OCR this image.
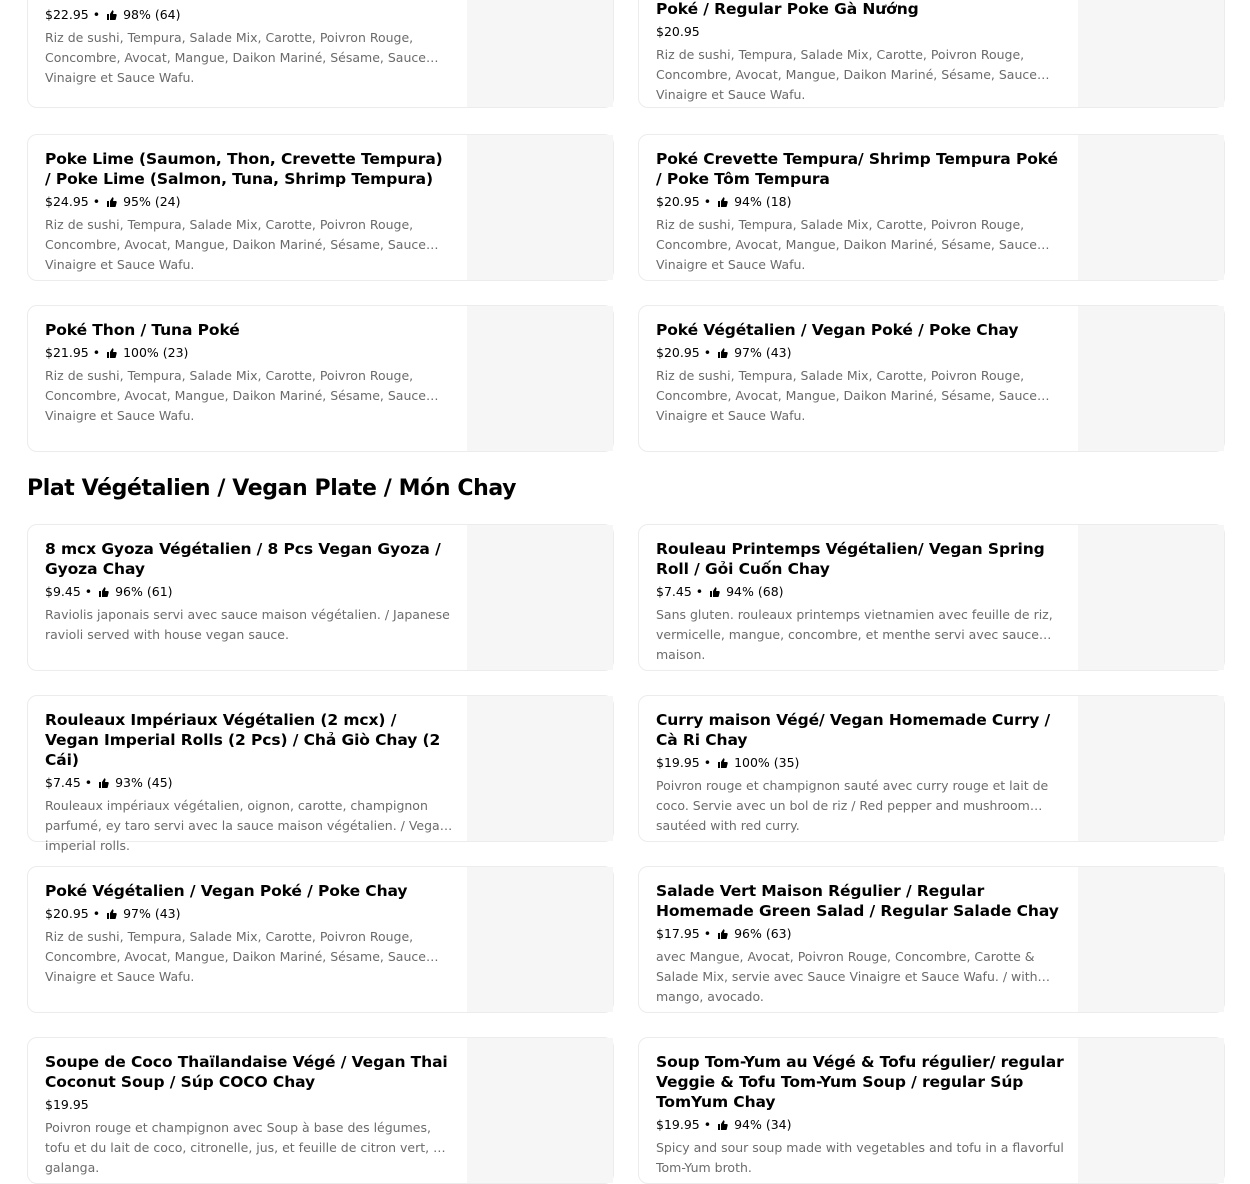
$22.95 •  98% (64)
Riz de sushi, Tempura, Salade Mix, Carotte, Poivron Rouge, Concombre, Avocat, Mangue, Daikon Mariné, Sésame, Sauce Vinaigre et Sauce Wafu.
Poké / Regular Poke Gà Nướng
$20.95
Riz de sushi, Tempura, Salade Mix, Carotte, Poivron Rouge, Concombre, Avocat, Mangue, Daikon Mariné, Sésame, Sauce Vinaigre et Sauce Wafu.
Poke Lime (Saumon, Thon, Crevette Tempura) / Poke Lime (Salmon, Tuna, Shrimp Tempura)
$24.95 •  95% (24)
Riz de sushi, Tempura, Salade Mix, Carotte, Poivron Rouge, Concombre, Avocat, Mangue, Daikon Mariné, Sésame, Sauce Vinaigre et Sauce Wafu.
Poké Crevette Tempura/ Shrimp Tempura Poké / Poke Tôm Tempura
$20.95 •  94% (18)
Riz de sushi, Tempura, Salade Mix, Carotte, Poivron Rouge, Concombre, Avocat, Mangue, Daikon Mariné, Sésame, Sauce Vinaigre et Sauce Wafu.
Poké Thon / Tuna Poké
$21.95 •  100% (23)
Riz de sushi, Tempura, Salade Mix, Carotte, Poivron Rouge, Concombre, Avocat, Mangue, Daikon Mariné, Sésame, Sauce Vinaigre et Sauce Wafu.
Poké Végétalien / Vegan Poké / Poke Chay
$20.95 •  97% (43)
Riz de sushi, Tempura, Salade Mix, Carotte, Poivron Rouge, Concombre, Avocat, Mangue, Daikon Mariné, Sésame, Sauce Vinaigre et Sauce Wafu.
Plat Végétalien / Vegan Plate / Món Chay
8 mcx Gyoza Végétalien / 8 Pcs Vegan Gyoza / Gyoza Chay
$9.45 •  96% (61)
Raviolis japonais servi avec sauce maison végétalien. / Japanese ravioli served with house vegan sauce.
Rouleau Printemps Végétalien/ Vegan Spring Roll / Gỏi Cuốn Chay
$7.45 •  94% (68)
Sans gluten. rouleaux printemps vietnamien avec feuille de riz, vermicelle, mangue, concombre, et menthe servi avec sauce maison.
Rouleaux Impériaux Végétalien (2 mcx) / Vegan Imperial Rolls (2 Pcs) / Chả Giò Chay (2 Cái)
$7.45 •  93% (45)
Rouleaux impériaux végétalien, oignon, carotte, champignon parfumé, ey taro servi avec la sauce maison végétalien. / Vegan imperial rolls.
Curry maison Végé/ Vegan Homemade Curry / Cà Ri Chay
$19.95 •  100% (35)
Poivron rouge et champignon sauté avec curry rouge et lait de coco. Servie avec un bol de riz / Red pepper and mushroom sautéed with red curry.
Poké Végétalien / Vegan Poké / Poke Chay
$20.95 •  97% (43)
Riz de sushi, Tempura, Salade Mix, Carotte, Poivron Rouge, Concombre, Avocat, Mangue, Daikon Mariné, Sésame, Sauce Vinaigre et Sauce Wafu.
Salade Vert Maison Régulier / Regular Homemade Green Salad / Regular Salade Chay
$17.95 •  96% (63)
avec Mangue, Avocat, Poivron Rouge, Concombre, Carotte & Salade Mix, servie avec Sauce Vinaigre et Sauce Wafu. / with mango, avocado.
Soupe de Coco Thaïlandaise Végé / Vegan Thai Coconut Soup / Súp COCO Chay
$19.95
Poivron rouge et champignon avec Soup à base des légumes, tofu et du lait de coco, citronelle, jus, et feuille de citron vert, et galanga.
Soup Tom-Yum au Végé & Tofu régulier/ regular Veggie & Tofu Tom-Yum Soup / regular Súp TomYum Chay
$19.95 •  94% (34)
Spicy and sour soup made with vegetables and tofu in a flavorful Tom-Yum broth.
